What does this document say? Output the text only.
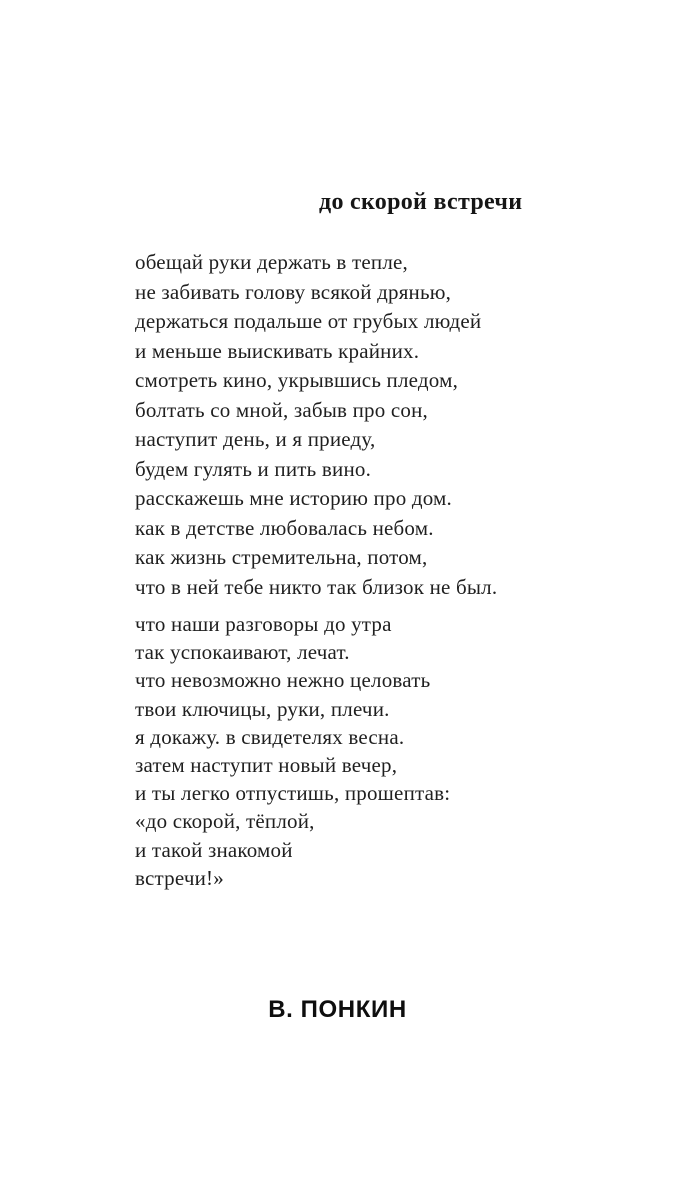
до скорой встречи
обещай руки держать в тепле,
не забивать голову всякой дрянью,
держаться подальше от грубых людей
и меньше выискивать крайних.
смотреть кино, укрывшись пледом,
болтать со мной, забыв про сон,
наступит день, и я приеду,
будем гулять и пить вино.
расскажешь мне историю про дом.
как в детстве любовалась небом.
как жизнь стремительна, потом,
что в ней тебе никто так близок не был.
что наши разговоры до утра
так успокаивают, лечат.
что невозможно нежно целовать
твои ключицы, руки, плечи.
я докажу. в свидетелях весна.
затем наступит новый вечер,
и ты легко отпустишь, прошептав:
«до скорой, тёплой,
и такой знакомой
встречи!»
В. ПОНКИН
